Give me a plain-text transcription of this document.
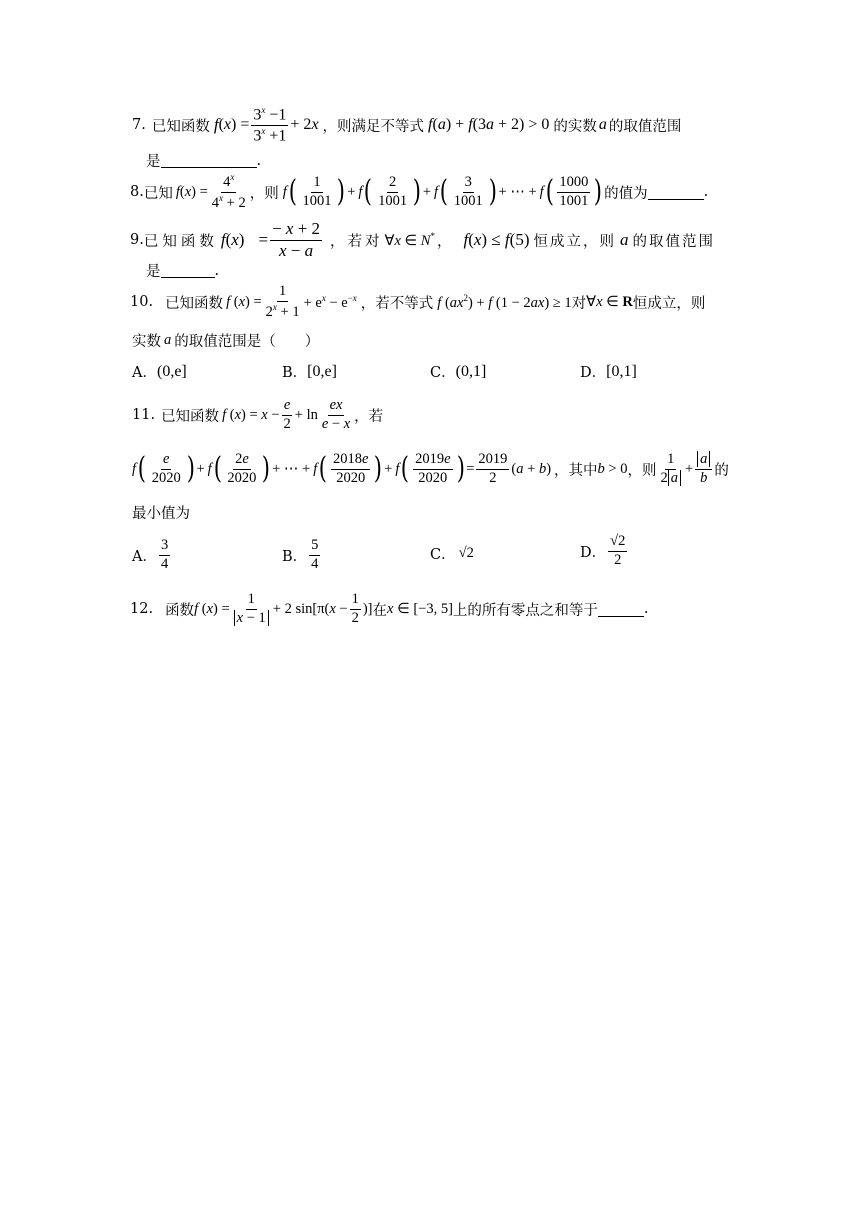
7. 已知函数 f ( x ) = $\frac{3^x -1}{3^x +1} + 2x$ ，则满足不等式 f(a) + f(3a + 2) > 0 的实数 a 的取值范围
是	.
8. 已知 $f(x) = \frac{4^x}{4^x + 2}$ ，则 f ( $\frac{1}{1001}$ ) + f ( $\frac{2}{1001}$ ) + f ( $\frac{3}{1001}$ ) + ⋯ + f ( $\frac{1000}{1001}$ ) 的值为	.
9. 已知函数 $f(x) = \frac{- x + 2}{x - a}$ ，若对 ∀x ∈ N* ， f(x) ≤ f(5) 恒成立，则 a 的取值范围
是	.
10. 已知函数 f $(x) = \frac{1}{2^x + 1} + e^x - e^{-x}$ ，若不等式 f $(ax^2) + f$ (1 − 2ax) ≥ 1 对 ∀x ∈ R 恒成立，则
实数 a 的取值范围是（　　）
A． (0,e]	B． [0,e]	C． (0,1]	D． [0,1]
11. 已知函数 f $(x) = x - \frac{e}{2} + \ln \frac{ex}{e - x}$ ，若
f ( $\frac{e}{2020}$ ) + f ( $\frac{2e}{2020}$ ) + ⋯ + f ( $\frac{2018e}{2020}$ ) + f ( $\frac{2019e}{2020}$ ) = $\frac{2019}{2} (a + b)$ ，其中 b > 0 ，则 $\frac{1}{2 a} + \frac{a}{b}$ 的
最小值为
A． $\frac{3}{4}$	B． $\frac{5}{4}$	C． √2	D． $\frac{√2}{2}$
12. 函数 f $(x) = \frac{1}{x - 1} + 2$ $\sin[\pi(x - \frac{1}{2}$ )] 在 x ∈ [−3, 5] 上的所有零点之和等于	.
